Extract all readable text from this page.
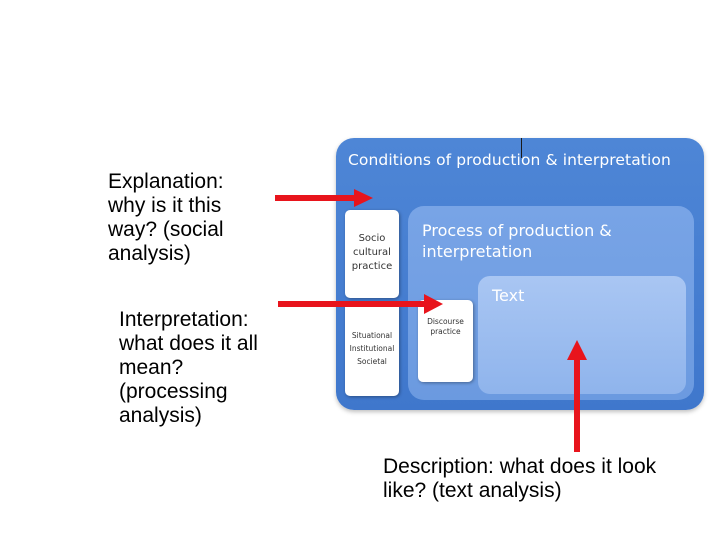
Explanation:
why is it this
way? (social
analysis)
Interpretation:
what does it all
mean?
(processing
analysis)
Description: what does it look
like? (text analysis)
Conditions of production & interpretation
Process of production &
interpretation
Text
Socio
cultural
practice
Situational
Institutional
Societal
Discourse
practice
